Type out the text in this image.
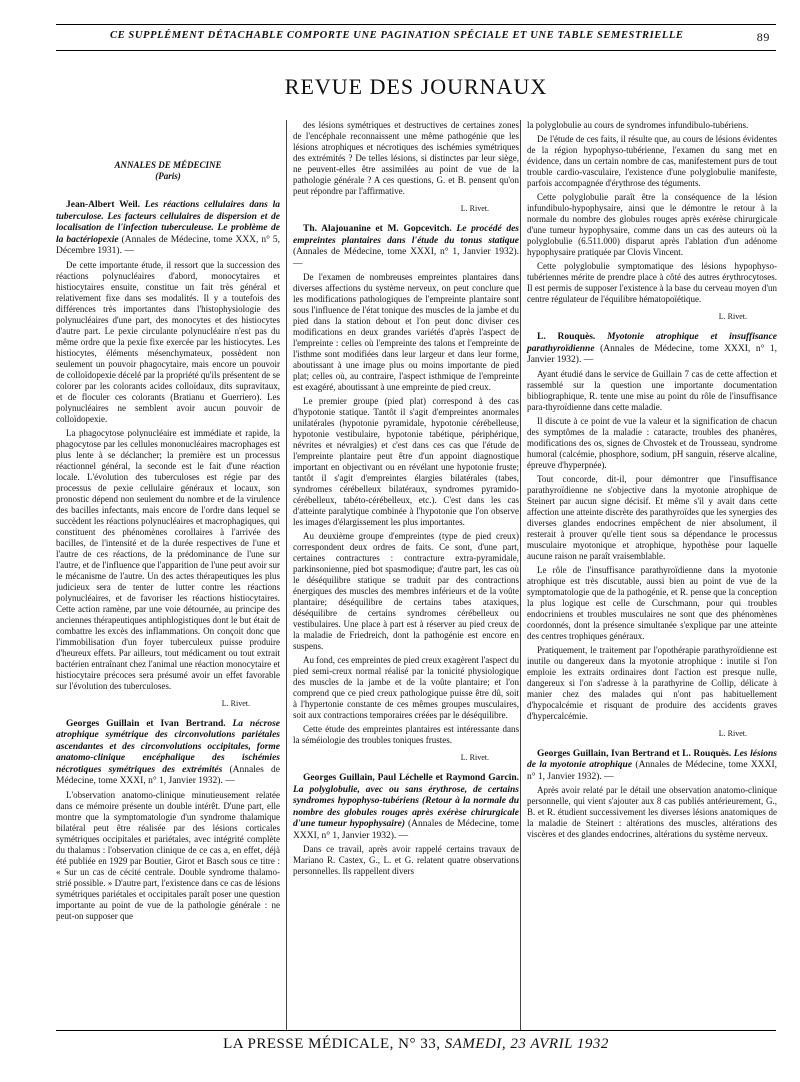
CE SUPPLÉMENT DÉTACHABLE COMPORTE UNE PAGINATION SPÉCIALE ET UNE TABLE SEMESTRIELLE	89
REVUE DES JOURNAUX
ANNALES DE MÉDECINE
(Paris)

Jean-Albert Weil. Les réactions cellulaires dans la tuberculose. Les facteurs cellulaires de dispersion et de localisation de l'infection tuberculeuse. Le problème de la bactériopexie (Annales de Médecine, tome XXX, n° 5, Décembre 1931). —

De cette importante étude, il ressort que la succession des réactions polynucléaires d'abord, monocytaires et histiocytaires ensuite, constitue un fait très général et relativement fixe dans ses modalités. Il y a toutefois des différences très importantes dans l'histophysiologie des polynucléaires d'une part, des monocytes et des histiocytes d'autre part. Le pexie circulante polynucléaire n'est pas du même ordre que la pexie fixe exercée par les histiocytes. Les histiocytes, éléments mésenchymateux, possèdent non seulement un pouvoir phagocytaire, mais encore un pouvoir de colloïdopexie décelé par la propriété qu'ils présentent de se colorer par les colorants acides colloïdaux, dits supravitaux, et de floculer ces colorants (Bratianu et Guerriero). Les polynucléaires ne semblent avoir aucun pouvoir de colloïdopexie.

La phagocytose polynucléaire est immédiate et rapide, la phagocytose par les cellules mononucléaires macrophages est plus lente à se déclancher; la première est un processus réactionnel général, la seconde est le fait d'une réaction locale. L'évolution des tuberculoses est régie par des processus de pexie cellulaire généraux et locaux, son pronostic dépend non seulement du nombre et de la virulence des bacilles infectants, mais encore de l'ordre dans lequel se succèdent les réactions polynucléaires et macrophagiques, qui constituent des phénomènes corollaires à l'arrivée des bacilles, de l'intensité et de la durée respectives de l'une et l'autre de ces réactions, de la prédominance de l'une sur l'autre, et de l'influence que l'apparition de l'une peut avoir sur le mécanisme de l'autre. Un des actes thérapeutiques les plus judicieux sera de tenter de lutter contre les réactions polynucléaires, et de favoriser les réactions histiocytaires. Cette action ramène, par une voie détournée, au principe des anciennes thérapeutiques antiphlogistiques dont le but était de combattre les excès des inflammations. On conçoit donc que l'immobilisation d'un foyer tuberculeux puisse produire d'heureux effets. Par ailleurs, tout médicament ou tout extrait bactérien entraînant chez l'animal une réaction monocytaire et histiocytaire précoces sera présumé avoir un effet favorable sur l'évolution des tuberculoses.

L. Rivet.

Georges Guillain et Ivan Bertrand. La nécrose atrophique symétrique des circonvolutions pariétales ascendantes et des circonvolutions occipitales, forme anatomo-clinique encéphalique des ischémies nécrotiques symétriques des extrémités (Annales de Médecine, tome XXXI, n° 1, Janvier 1932). —

L'observation anatomo-clinique minutieusement relatée dans ce mémoire présente un double intérêt. D'une part, elle montre que la symptomatologie d'un syndrome thalamique bilatéral peut être réalisée par des lésions corticales symétriques occipitales et pariétales, avec intégrité complète du thalamus : l'observation clinique de ce cas a, en effet, déjà été publiée en 1929 par Boutier, Girot et Basch sous ce titre : « Sur un cas de cécité centrale. Double syndrome thalamo-strié possible. » D'autre part, l'existence dans ce cas de lésions symétriques pariétales et occipitales paraît poser une question importante au point de vue de la pathologie générale : ne peut-on supposer que

des lésions symétriques et destructives de certaines zones de l'encéphale reconnaissent une même pathogénie que les lésions atrophiques et nécrotiques des ischémies symétriques des extrémités ? De telles lésions, si distinctes par leur siège, ne peuvent-elles être assimilées au point de vue de la pathologie générale ? A ces questions, G. et B. pensent qu'on peut répondre par l'affirmative.

L. Rivet.

Th. Alajouanine et M. Gopcevitch. Le procédé des empreintes plantaires dans l'étude du tonus statique (Annales de Médecine, tome XXXI, n° 1, Janvier 1932). —

De l'examen de nombreuses empreintes plantaires dans diverses affections du système nerveux, on peut conclure que les modifications pathologiques de l'empreinte plantaire sont sous l'influence de l'état tonique des muscles de la jambe et du pied dans la station debout et l'on peut donc diviser ces modifications en deux grandes variétés d'après l'aspect de l'empreinte : celles où l'empreinte des talons et l'empreinte de l'isthme sont modifiées dans leur largeur et dans leur forme, aboutissant à une image plus ou moins importante de pied plat; celles où, au contraire, l'aspect isthmique de l'empreinte est exagéré, aboutissant à une empreinte de pied creux.

Le premier groupe (pied plat) correspond à des cas d'hypotonie statique. Tantôt il s'agit d'empreintes anormales unilatérales (hypotonie pyramidale, hypotonie cérébelleuse, hypotonie vestibulaire, hypotonie tabétique, périphérique, névrites et névralgies) et c'est dans ces cas que l'étude de l'empreinte plantaire peut être d'un appoint diagnostique important en objectivant ou en révélant une hypotonie fruste; tantôt il s'agit d'empreintes élargies bilatérales (tabes, syndromes cérébelleux bilatéraux, syndromes pyramido-cérébelleux, tabéto-cérébelleux, etc.). C'est dans les cas d'atteinte paralytique combinée à l'hypotonie que l'on observe les images d'élargissement les plus importantes.

Au deuxième groupe d'empreintes (type de pied creux) correspondent deux ordres de faits. Ce sont, d'une part, certaines contractures : contracture extra-pyramidale, parkinsonienne, pied bot spasmodique; d'autre part, les cas où le déséquilibre statique se traduit par des contractions énergiques des muscles des membres inférieurs et de la voûte plantaire; déséquilibre de certains tabes ataxiques, déséquilibre de certains syndromes cérébelleux ou vestibulaires. Une place à part est à réserver au pied creux de la maladie de Friedreich, dont la pathogénie est encore en suspens.

Au fond, ces empreintes de pied creux exagèrent l'aspect du pied semi-creux normal réalisé par la tonicité physiologique des muscles de la jambe et de la voûte plantaire; et l'on comprend que ce pied creux pathologique puisse être dû, soit à l'hypertonie constante de ces mêmes groupes musculaires, soit aux contractions temporaires créées par le déséquilibre.

Cette étude des empreintes plantaires est intéressante dans la séméiologie des troubles toniques frustes.

L. Rivet.

Georges Guillain, Paul Léchelle et Raymond Garcin. La polyglobulie, avec ou sans érythrose, de certains syndromes hypophyso-tubériens (Retour à la normale du nombre des globules rouges après exérèse chirurgicale d'une tumeur hypophysaire) (Annales de Médecine, tome XXXI, n° 1, Janvier 1932). —

Dans ce travail, après avoir rappelé certains travaux de Mariano R. Castex, G., L. et G. relatent quatre observations personnelles. Ils rappellent divers

la polyglobulie au cours de syndromes infundibulo-tubériens.

De l'étude de ces faits, il résulte que, au cours de lésions évidentes de la région hypophyso-tubérienne, l'examen du sang met en évidence, dans un certain nombre de cas, manifestement purs de tout trouble cardio-vasculaire, l'existence d'une polyglobulie manifeste, parfois accompagnée d'érythrose des téguments.

Cette polyglobulie paraît être la conséquence de la lésion infundibulo-hypophysaire, ainsi que le démontre le retour à la normale du nombre des globules rouges après exérèse chirurgicale d'une tumeur hypophysaire, comme dans un cas des auteurs où la polyglobulie (6.511.000) disparut après l'ablation d'un adénome hypophysaire pratiquée par Clovis Vincent.

Cette polyglobulie symptomatique des lésions hypophyso-tubériennes mérite de prendre place à côté des autres érythrocytoses. Il est permis de supposer l'existence à la base du cerveau moyen d'un centre régulateur de l'équilibre hématopoïétique.

L. Rivet.

L. Rouquès. Myotonie atrophique et insuffisance parathyroïdienne (Annales de Médecine, tome XXXI, n° 1, Janvier 1932). —

Ayant étudié dans le service de Guillain 7 cas de cette affection et rassemblé sur la question une importante documentation bibliographique, R. tente une mise au point du rôle de l'insuffisance para-thyroïdienne dans cette maladie.

Il discute à ce point de vue la valeur et la signification de chacun des symptômes de la maladie : cataracte, troubles des phanères, modifications des os, signes de Chvostek et de Trousseau, syndrome humoral (calcémie, phosphore, sodium, pH sanguin, réserve alcaline, épreuve d'hyperpnée).

Tout concorde, dit-il, pour démontrer que l'insuffisance parathyroïdienne ne s'objective dans la myotonie atrophique de Steinert par aucun signe décisif. Et même s'il y avait dans cette affection une atteinte discrète des parathyroïdes que les synergies des diverses glandes endocrines empêchent de nier absolument, il resterait à prouver qu'elle tient sous sa dépendance le processus musculaire myotonique et atrophique, hypothèse pour laquelle aucune raison ne paraît vraisemblable.

Le rôle de l'insuffisance parathyroïdienne dans la myotonie atrophique est très discutable, aussi bien au point de vue de la symptomatologie que de la pathogénie, et R. pense que la conception la plus logique est celle de Curschmann, pour qui troubles endocriniens et troubles musculaires ne sont que des phénomènes coordonnés, dont la présence simultanée s'explique par une atteinte des centres trophiques généraux.

Pratiquement, le traitement par l'opothérapie parathyroïdienne est inutile ou dangereux dans la myotonie atrophique : inutile si l'on emploie les extraits ordinaires dont l'action est presque nulle, dangereux si l'on s'adresse à la parathyrine de Collip, délicate à manier chez des malades qui n'ont pas habituellement d'hypocalcémie et risquant de produire des accidents graves d'hypercalcémie.

L. Rivet.

Georges Guillain, Ivan Bertrand et L. Rouquès. Les lésions de la myotonie atrophique (Annales de Médecine, tome XXXI, n° 1, Janvier 1932). —

Après avoir relaté par le détail une observation anatomo-clinique personnelle, qui vient s'ajouter aux 8 cas publiés antérieurement, G., B. et R. étudient successivement les diverses lésions anatomiques de la maladie de Steinert : altérations des muscles, altérations des viscères et des glandes endocrines, altérations du système nerveux.

LA PRESSE MÉDICALE, N° 33, SAMEDI, 23 AVRIL 1932
